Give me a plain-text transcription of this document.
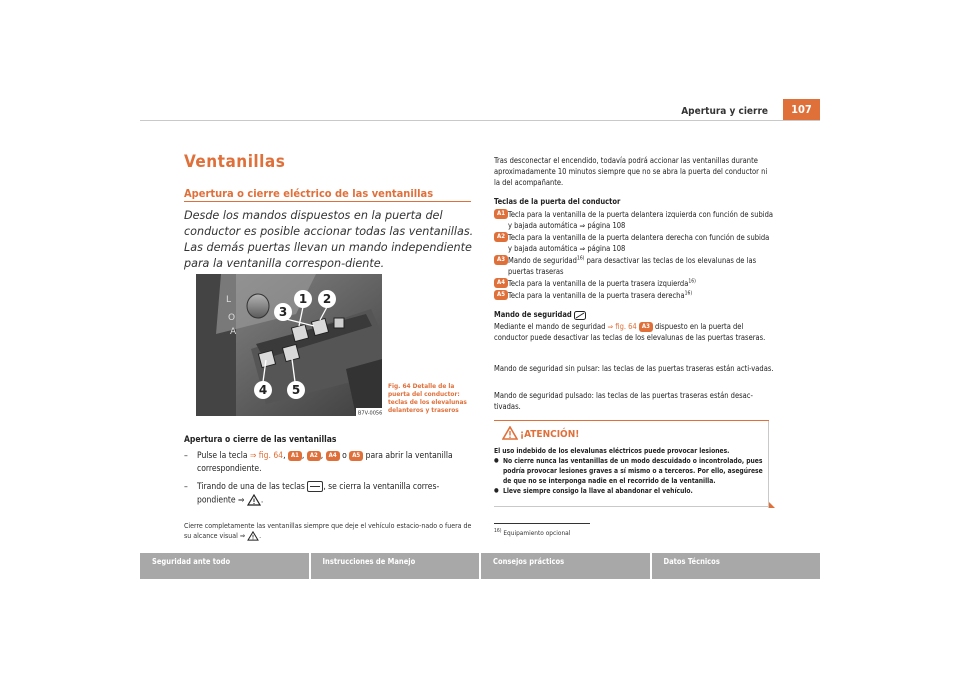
Apertura y cierre	107
Ventanillas
Apertura o cierre eléctrico de las ventanillas
Desde los mandos dispuestos en la puerta del conductor es posible accionar todas las ventanillas. Las demás puertas llevan un mando independiente para la ventanilla correspon-diente.
L
O
A
1 2
3
4 5
B7V-0056
Fig. 64 Detalle de la puerta del conductor: teclas de los elevalunas delanteros y traseros
Apertura o cierre de las ventanillas
–	Pulse la tecla ⇒ fig. 64, A1 , A2 , A4 o A5 para abrir la ventanilla correspondiente.
–	Tirando de una de las teclas , se cierra la ventanilla corres-pondiente ⇒ .
Cierre completamente las ventanillas siempre que deje el vehículo estacio-nado o fuera de su alcance visual ⇒ .
Tras desconectar el encendido, todavía podrá accionar las ventanillas durante aproximadamente 10 minutos siempre que no se abra la puerta del conductor ni la del acompañante.
Teclas de la puerta del conductor
A1 Tecla para la ventanilla de la puerta delantera izquierda con función de subida y bajada automática ⇒ página 108
A2 Tecla para la ventanilla de la puerta delantera derecha con función de subida y bajada automática ⇒ página 108
A3 Mando de seguridad$^{16)}$ para desactivar las teclas de los elevalunas de las puertas traseras
A4 Tecla para la ventanilla de la puerta trasera izquierda$^{16)}$
A5 Tecla para la ventanilla de la puerta trasera derecha$^{16)}$
Mando de seguridad
Mediante el mando de seguridad ⇒ fig. 64 A3 dispuesto en la puerta del conductor puede desactivar las teclas de los elevalunas de las puertas traseras.
Mando de seguridad sin pulsar: las teclas de las puertas traseras están acti-vadas.
Mando de seguridad pulsado: las teclas de las puertas traseras están desac-tivadas.
¡ATENCIÓN!
El uso indebido de los elevalunas eléctricos puede provocar lesiones.
● No cierre nunca las ventanillas de un modo descuidado o incontrolado, pues podría provocar lesiones graves a sí mismo o a terceros. Por ello, asegúrese de que no se interponga nadie en el recorrido de la ventanilla.
● Lleve siempre consigo la llave al abandonar el vehículo.
$^{16)}$ Equipamiento opcional
Seguridad ante todo	Instrucciones de Manejo	Consejos prácticos	Datos Técnicos
